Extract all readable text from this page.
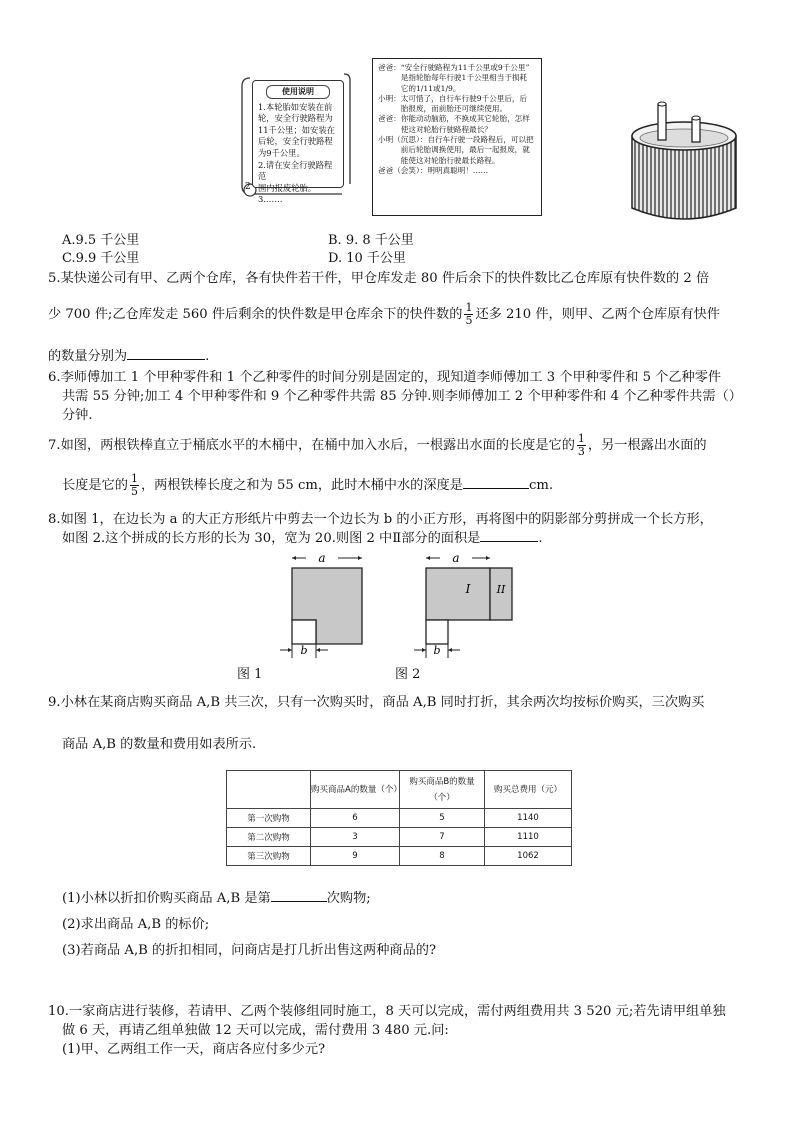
使用说明
1.本轮胎如安装在前
轮，安全行驶路程为
11千公里；如安装在
后轮，安全行驶路程
为9千公里。
2.请在安全行驶路程范
围内报废轮胎。
3.……
2
爸爸：“安全行驶路程为11千公里或9千公里”
　　　是指轮胎每年行驶1千公里相当于损耗
　　　它的1/11或1/9。
小明：太可惜了，自行车行驶9千公里后，后
　　　胎报废，而前胎还可继续使用。
爸爸：你能动动脑筋，不换成其它轮胎，怎样
　　　使这对轮胎行驶路程最长？
小明（沉思）：自行车行驶一段路程后，可以把
　　　前后轮胎调换使用，最后一起报废，就
　　　能使这对轮胎行驶最长路程。
爸爸（会笑）：明明真聪明！……
A.9.5 千公里	B. 9. 8 千公里
C.9.9 千公里	D. 10 千公里
5.某快递公司有甲、乙两个仓库，各有快件若干件，甲仓库发走 80 件后余下的快件数比乙仓库原有快件数的 2 倍
少 700 件;乙仓库发走 560 件后剩余的快件数是甲仓库余下的快件数的 $\frac{1}{5}$ 还多 210 件，则甲、乙两个仓库原有快件
的数量分别为	.
6.李师傅加工 1 个甲种零件和 1 个乙种零件的时间分别是固定的，现知道李师傅加工 3 个甲种零件和 5 个乙种零件
共需 55 分钟;加工 4 个甲种零件和 9 个乙种零件共需 85 分钟.则李师傅加工 2 个甲种零件和 4 个乙种零件共需（）
分钟.
7.如图，两根铁棒直立于桶底水平的木桶中，在桶中加入水后，一根露出水面的长度是它的 $\frac{1}{3}$ ，另一根露出水面的
长度是它的 $\frac{1}{5}$ ，两根铁棒长度之和为 55 cm，此时木桶中水的深度是	cm.
8.如图 1，在边长为 a 的大正方形纸片中剪去一个边长为 b 的小正方形，再将图中的阴影部分剪拼成一个长方形，
如图 2.这个拼成的长方形的长为 30，宽为 20.则图 2 中Ⅱ部分的面积是	.
a
b
a
I II
b
图 1	图 2
9.小林在某商店购买商品 A,B 共三次，只有一次购买时，商品 A,B 同时打折，其余两次均按标价购买，三次购买
商品 A,B 的数量和费用如表所示.
	购买商品A的数量（个）	购买商品B的数量（个）	购买总费用（元）
第一次购物	6	5	1140
第二次购物	3	7	1110
第三次购物	9	8	1062
(1)小林以折扣价购买商品 A,B 是第	次购物;
(2)求出商品 A,B 的标价;
(3)若商品 A,B 的折扣相同，问商店是打几折出售这两种商品的?
10.一家商店进行装修，若请甲、乙两个装修组同时施工，8 天可以完成，需付两组费用共 3 520 元;若先请甲组单独
做 6 天，再请乙组单独做 12 天可以完成，需付费用 3 480 元.问:
(1)甲、乙两组工作一天，商店各应付多少元?
